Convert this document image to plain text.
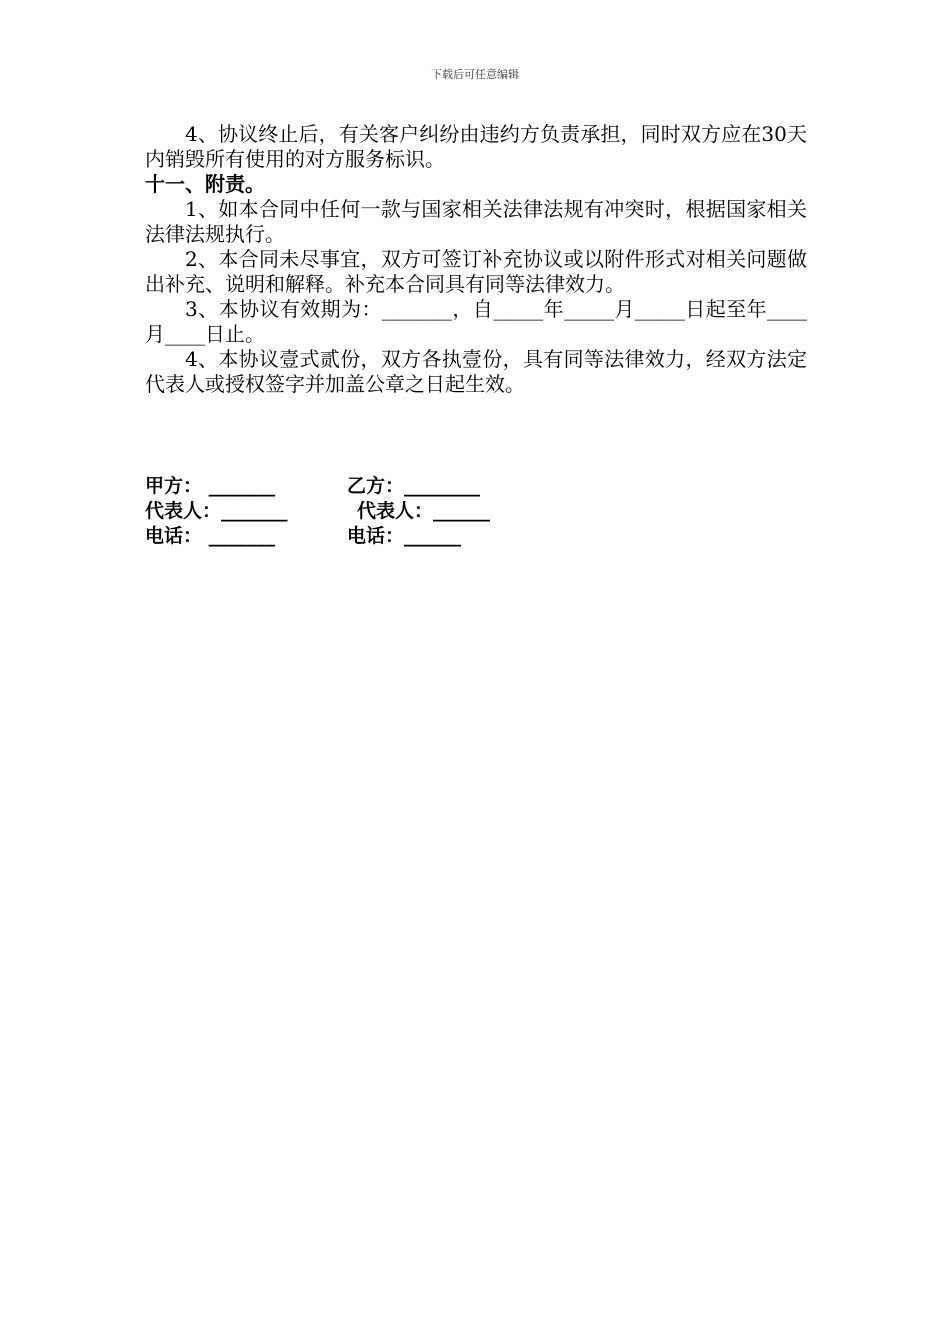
下载后可任意编辑

4、协议终止后，有关客户纠纷由违约方负责承担，同时双方应在30天内销毁所有使用的对方服务标识。

十一、附责。

1、如本合同中任何一款与国家相关法律法规有冲突时，根据国家相关法律法规执行。

2、本合同未尽事宜，双方可签订补充协议或以附件形式对相关问题做出补充、说明和解释。补充本合同具有同等法律效力。

3、本协议有效期为：_______，自_____年_____月_____日起至年____月____日止。

4、本协议壹式贰份，双方各执壹份，具有同等法律效力，经双方法定代表人或授权签字并加盖公章之日起生效。

甲方： _______	乙方：________
代表人：_______	代表人：______
电话： _______	电话：______
